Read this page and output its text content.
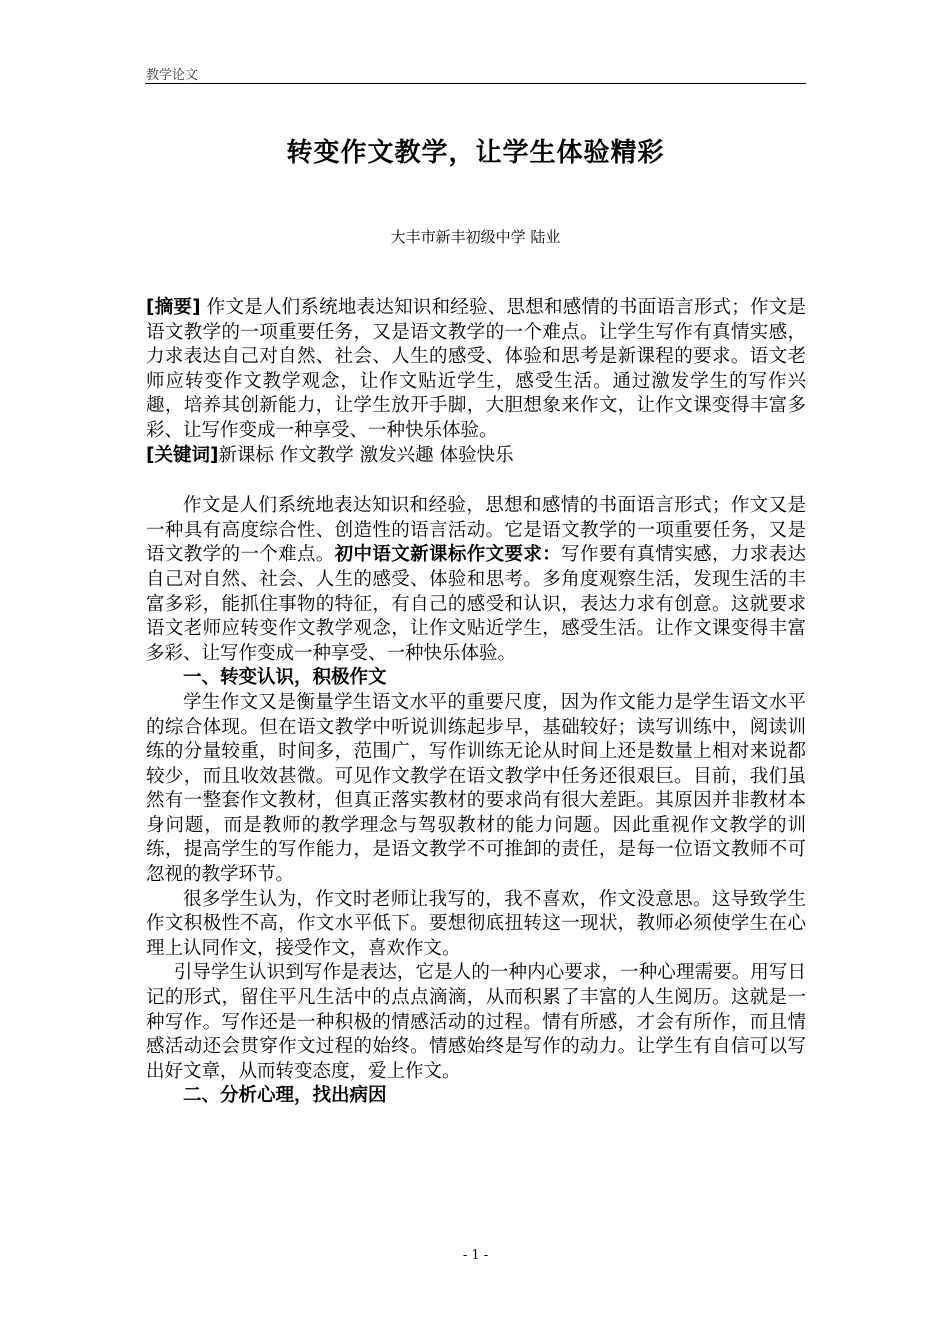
教学论文
转变作文教学，让学生体验精彩
大丰市新丰初级中学 陆业

[摘要] 作文是人们系统地表达知识和经验、思想和感情的书面语言形式；作文是语文教学的一项重要任务，又是语文教学的一个难点。让学生写作有真情实感，力求表达自己对自然、社会、人生的感受、体验和思考是新课程的要求。语文老师应转变作文教学观念，让作文贴近学生，感受生活。通过激发学生的写作兴趣，培养其创新能力，让学生放开手脚，大胆想象来作文，让作文课变得丰富多彩、让写作变成一种享受、一种快乐体验。

[关键词]新课标 作文教学 激发兴趣 体验快乐

作文是人们系统地表达知识和经验，思想和感情的书面语言形式；作文又是一种具有高度综合性、创造性的语言活动。它是语文教学的一项重要任务，又是语文教学的一个难点。初中语文新课标作文要求：写作要有真情实感，力求表达自己对自然、社会、人生的感受、体验和思考。多角度观察生活，发现生活的丰富多彩，能抓住事物的特征，有自己的感受和认识，表达力求有创意。这就要求语文老师应转变作文教学观念，让作文贴近学生，感受生活。让作文课变得丰富多彩、让写作变成一种享受、一种快乐体验。

一、转变认识，积极作文

学生作文又是衡量学生语文水平的重要尺度，因为作文能力是学生语文水平的综合体现。但在语文教学中听说训练起步早，基础较好；读写训练中，阅读训练的分量较重，时间多，范围广，写作训练无论从时间上还是数量上相对来说都较少，而且收效甚微。可见作文教学在语文教学中任务还很艰巨。目前，我们虽然有一整套作文教材，但真正落实教材的要求尚有很大差距。其原因并非教材本身问题，而是教师的教学理念与驾驭教材的能力问题。因此重视作文教学的训练，提高学生的写作能力，是语文教学不可推卸的责任，是每一位语文教师不可忽视的教学环节。

很多学生认为，作文时老师让我写的，我不喜欢，作文没意思。这导致学生作文积极性不高，作文水平低下。要想彻底扭转这一现状，教师必须使学生在心理上认同作文，接受作文，喜欢作文。

引导学生认识到写作是表达，它是人的一种内心要求，一种心理需要。用写日记的形式，留住平凡生活中的点点滴滴，从而积累了丰富的人生阅历。这就是一种写作。写作还是一种积极的情感活动的过程。情有所感，才会有所作，而且情感活动还会贯穿作文过程的始终。情感始终是写作的动力。让学生有自信可以写出好文章，从而转变态度，爱上作文。

二、分析心理，找出病因

- 1 -
